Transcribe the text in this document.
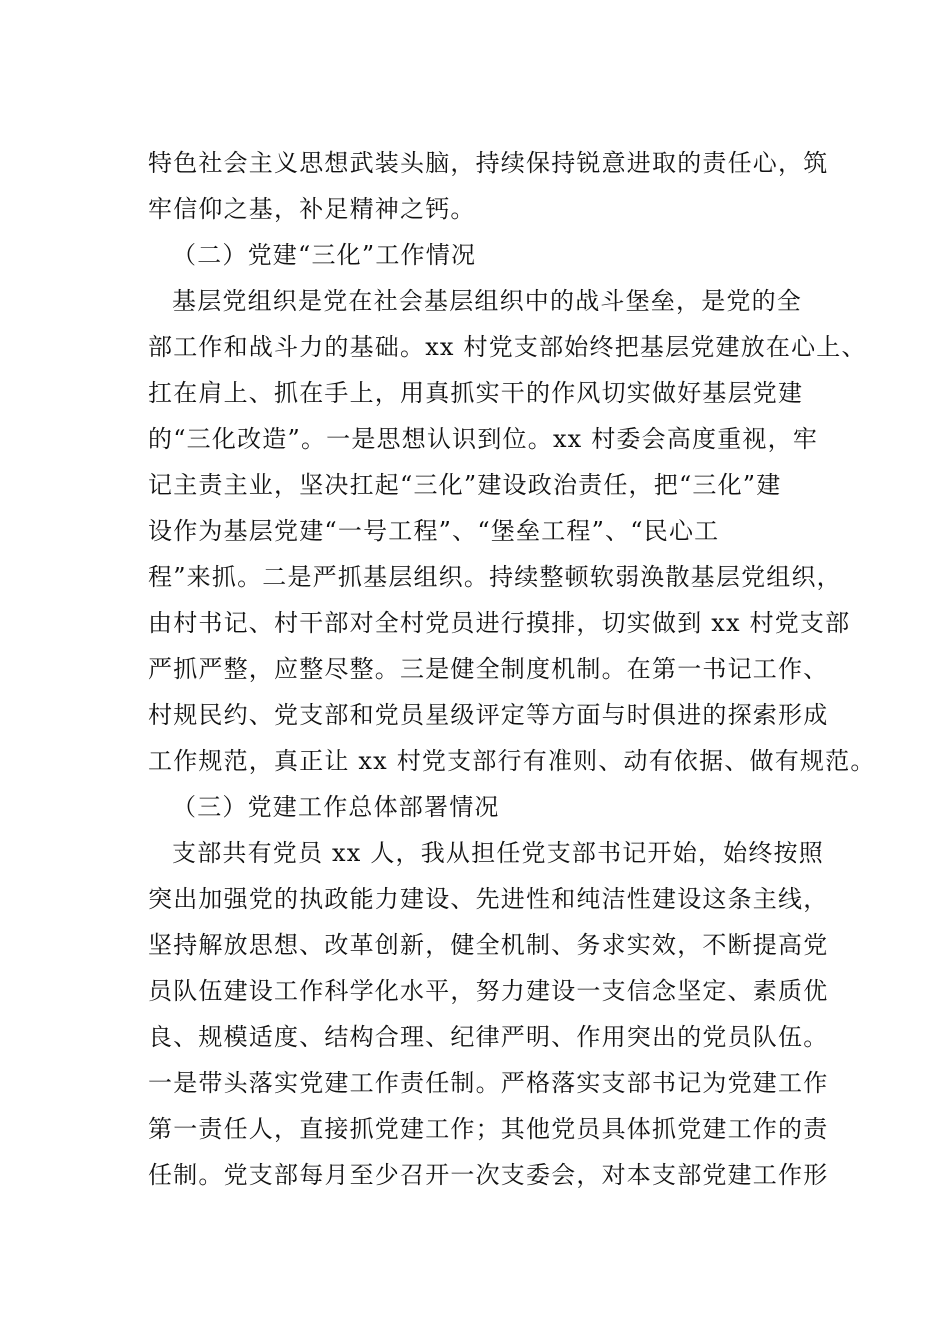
特色社会主义思想武装头脑，持续保持锐意进取的责任心，筑
牢信仰之基，补足精神之钙。
（二）党建“三化”工作情况
基层党组织是党在社会基层组织中的战斗堡垒，是党的全
部工作和战斗力的基础。xx 村党支部始终把基层党建放在心上、
扛在肩上、抓在手上，用真抓实干的作风切实做好基层党建
的“三化改造”。一是思想认识到位。xx 村委会高度重视，牢
记主责主业，坚决扛起“三化”建设政治责任，把“三化”建
设作为基层党建“一号工程”、“堡垒工程”、“民心工
程”来抓。二是严抓基层组织。持续整顿软弱涣散基层党组织，
由村书记、村干部对全村党员进行摸排，切实做到 xx 村党支部
严抓严整，应整尽整。三是健全制度机制。在第一书记工作、
村规民约、党支部和党员星级评定等方面与时俱进的探索形成
工作规范，真正让 xx 村党支部行有准则、动有依据、做有规范。
（三）党建工作总体部署情况
支部共有党员 xx 人，我从担任党支部书记开始，始终按照
突出加强党的执政能力建设、先进性和纯洁性建设这条主线，
坚持解放思想、改革创新，健全机制、务求实效，不断提高党
员队伍建设工作科学化水平，努力建设一支信念坚定、素质优
良、规模适度、结构合理、纪律严明、作用突出的党员队伍。
一是带头落实党建工作责任制。严格落实支部书记为党建工作
第一责任人，直接抓党建工作；其他党员具体抓党建工作的责
任制。党支部每月至少召开一次支委会，对本支部党建工作形
